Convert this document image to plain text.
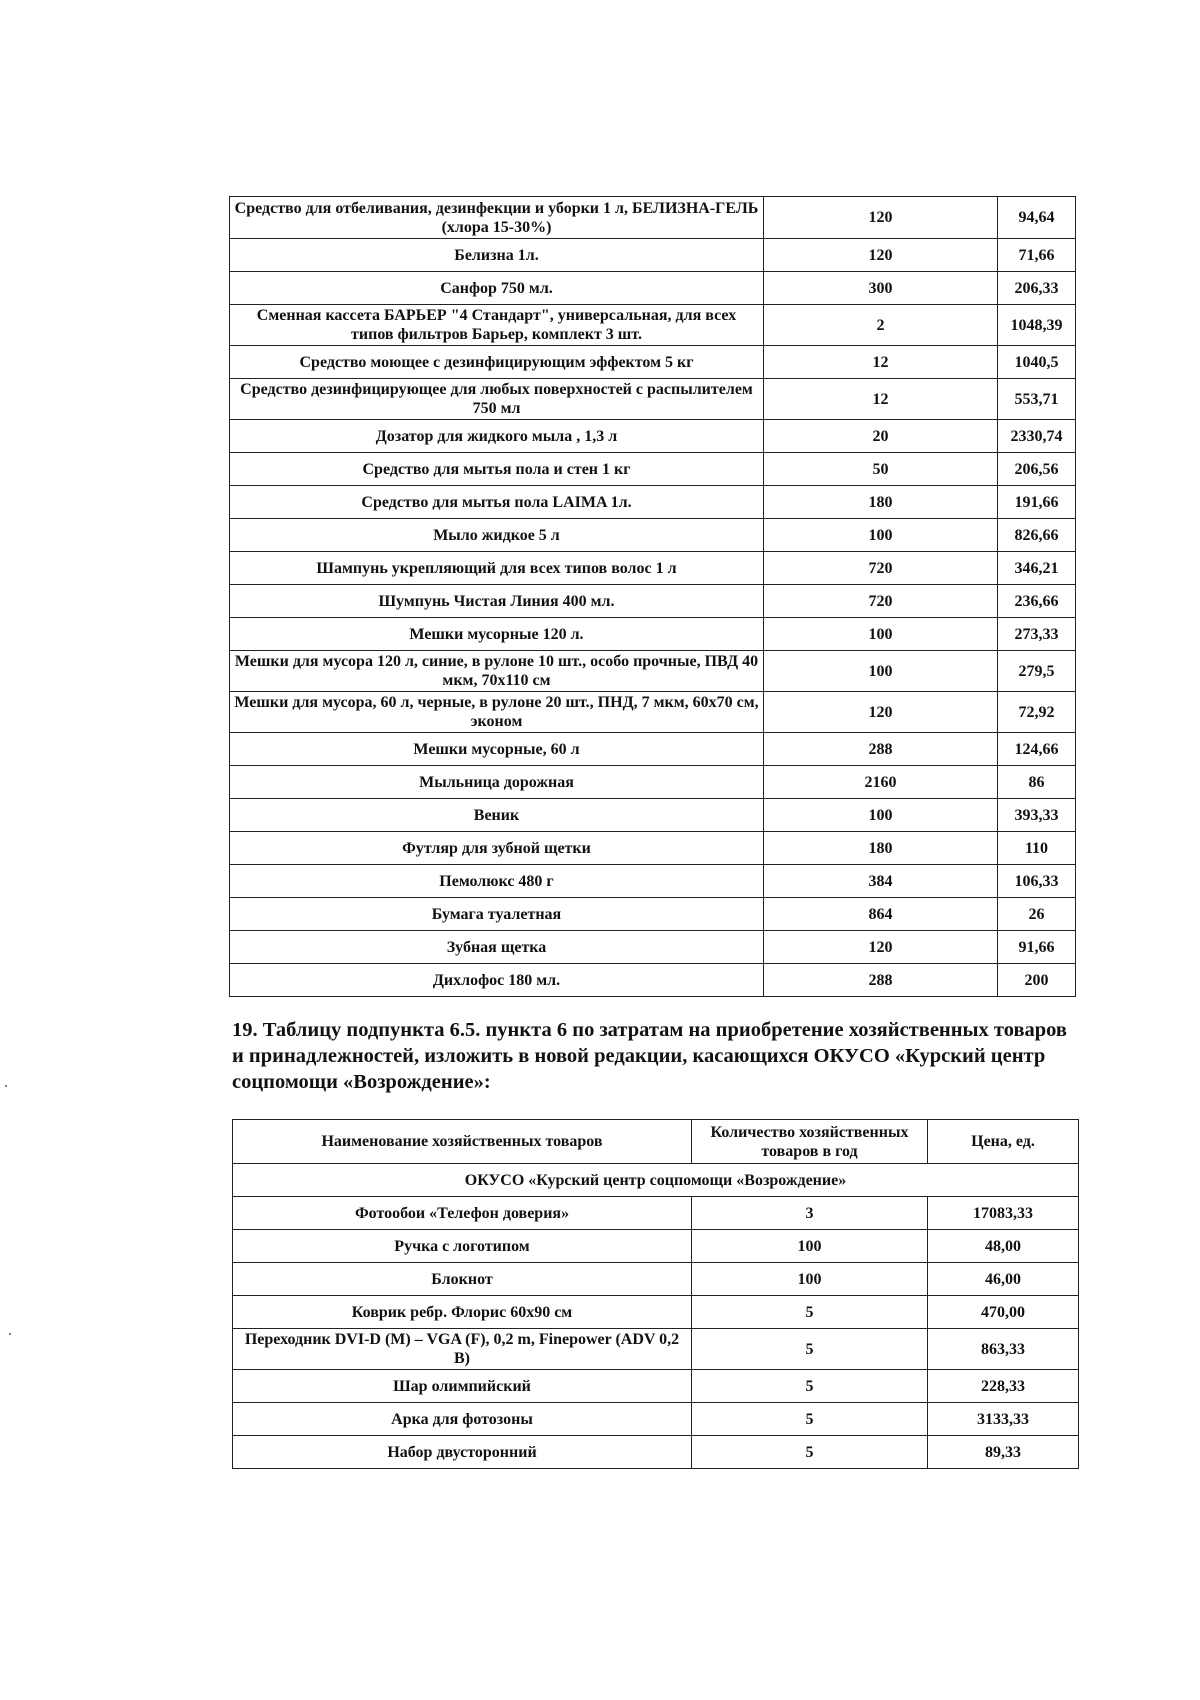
Средство для отбеливания, дезинфекции и уборки 1 л, БЕЛИЗНА-ГЕЛЬ (хлора 15-30%)	120	94,64
Белизна 1л.	120	71,66
Санфор 750 мл.	300	206,33
Сменная кассета БАРЬЕР "4 Стандарт", универсальная, для всех типов фильтров Барьер, комплект 3 шт.	2	1048,39
Средство моющее с дезинфицирующим эффектом 5 кг	12	1040,5
Средство дезинфицирующее для любых поверхностей с распылителем 750 мл	12	553,71
Дозатор для жидкого мыла , 1,3 л	20	2330,74
Средство для мытья пола и стен 1 кг	50	206,56
Средство для мытья пола LAIMA 1л.	180	191,66
Мыло жидкое 5 л	100	826,66
Шампунь укрепляющий для всех типов волос 1 л	720	346,21
Шумпунь Чистая Линия 400 мл.	720	236,66
Мешки мусорные 120 л.	100	273,33
Мешки для мусора 120 л, синие, в рулоне 10 шт., особо прочные, ПВД 40 мкм, 70х110 см	100	279,5
Мешки для мусора, 60 л, черные, в рулоне 20 шт., ПНД, 7 мкм, 60х70 см, эконом	120	72,92
Мешки мусорные, 60 л	288	124,66
Мыльница дорожная	2160	86
Веник	100	393,33
Футляр для зубной щетки	180	110
Пемолюкс 480 г	384	106,33
Бумага туалетная	864	26
Зубная щетка	120	91,66
Дихлофос 180 мл.	288	200
19. Таблицу подпункта 6.5. пункта 6 по затратам на приобретение хозяйственных товаров и принадлежностей, изложить в новой редакции, касающихся ОКУСО «Курский центр соцпомощи «Возрождение»:
Наименование хозяйственных товаров	Количество хозяйственных товаров в год	Цена, ед.
ОКУСО «Курский центр соцпомощи «Возрождение»		
Фотообои «Телефон доверия»	3	17083,33
Ручка с логотипом	100	48,00
Блокнот	100	46,00
Коврик ребр. Флорис 60х90 см	5	470,00
Переходник DVI-D (M) – VGA (F), 0,2 m, Finepower (ADV 0,2 B)	5	863,33
Шар олимпийский	5	228,33
Арка для фотозоны	5	3133,33
Набор двусторонний	5	89,33
